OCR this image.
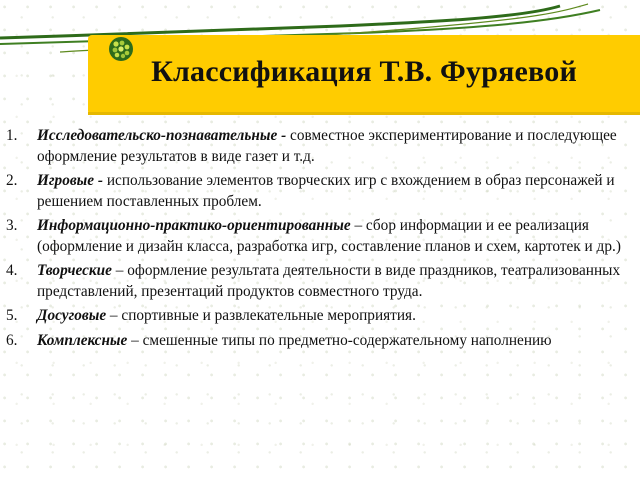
Классификация Т.В. Фуряевой
1. Исследовательско-познавательные - совместное экспериментирование и последующее оформление результатов в виде газет и т.д.
2. Игровые - использование элементов творческих игр с вхождением в образ персонажей и решением поставленных проблем.
3. Информационно-практико-ориентированные – сбор информации и ее реализация (оформление и дизайн класса, разработка игр, составление планов и схем, картотек и др.)
4. Творческие – оформление результата деятельности в виде праздников, театрализованных представлений, презентаций продуктов совместного труда.
5. Досуговые – спортивные и развлекательные мероприятия.
6. Комплексные – смешенные типы по предметно-содержательному наполнению
